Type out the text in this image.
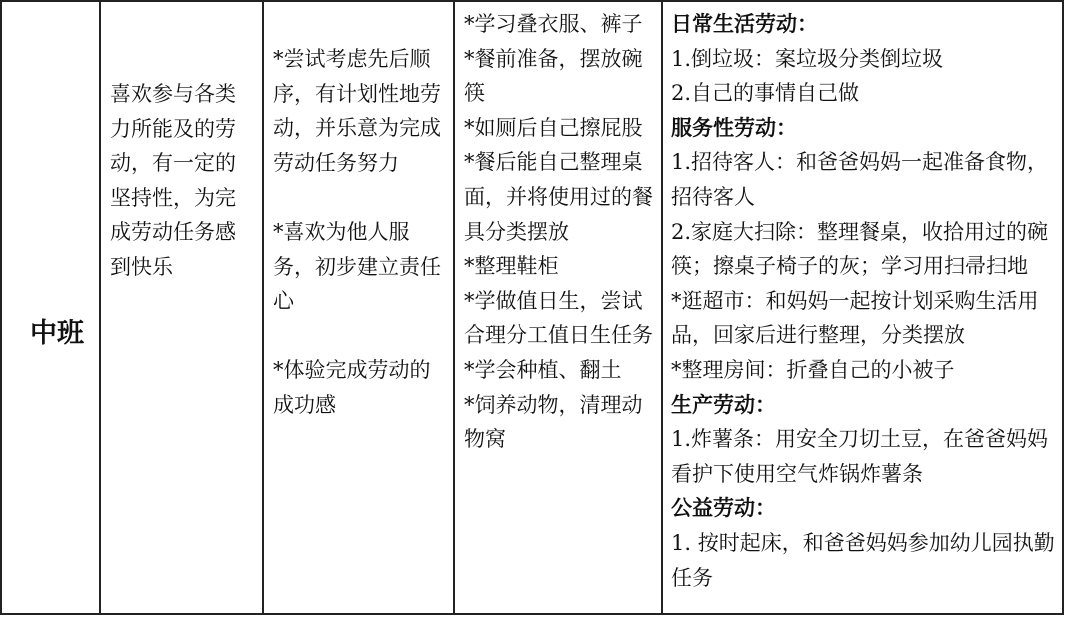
中班

喜欢参与各类力所能及的劳动，有一定的坚持性，为完成劳动任务感到快乐

*尝试考虑先后顺序，有计划性地劳动，并乐意为完成劳动任务努力

*喜欢为他人服务，初步建立责任心

*体验完成劳动的成功感

*学习叠衣服、裤子

*餐前准备，摆放碗筷

*如厕后自己擦屁股

*餐后能自己整理桌面，并将使用过的餐具分类摆放

*整理鞋柜

*学做值日生，尝试合理分工值日生任务

*学会种植、翻土

*饲养动物，清理动物窝

日常生活劳动：

1.倒垃圾：案垃圾分类倒垃圾

2.自己的事情自己做

服务性劳动：

1.招待客人：和爸爸妈妈一起准备食物，招待客人

2.家庭大扫除：整理餐桌，收拾用过的碗筷；擦桌子椅子的灰；学习用扫帚扫地

*逛超市：和妈妈一起按计划采购生活用品，回家后进行整理，分类摆放

*整理房间：折叠自己的小被子

生产劳动：

1.炸薯条：用安全刀切土豆，在爸爸妈妈看护下使用空气炸锅炸薯条

公益劳动：

1. 按时起床，和爸爸妈妈参加幼儿园执勤任务
